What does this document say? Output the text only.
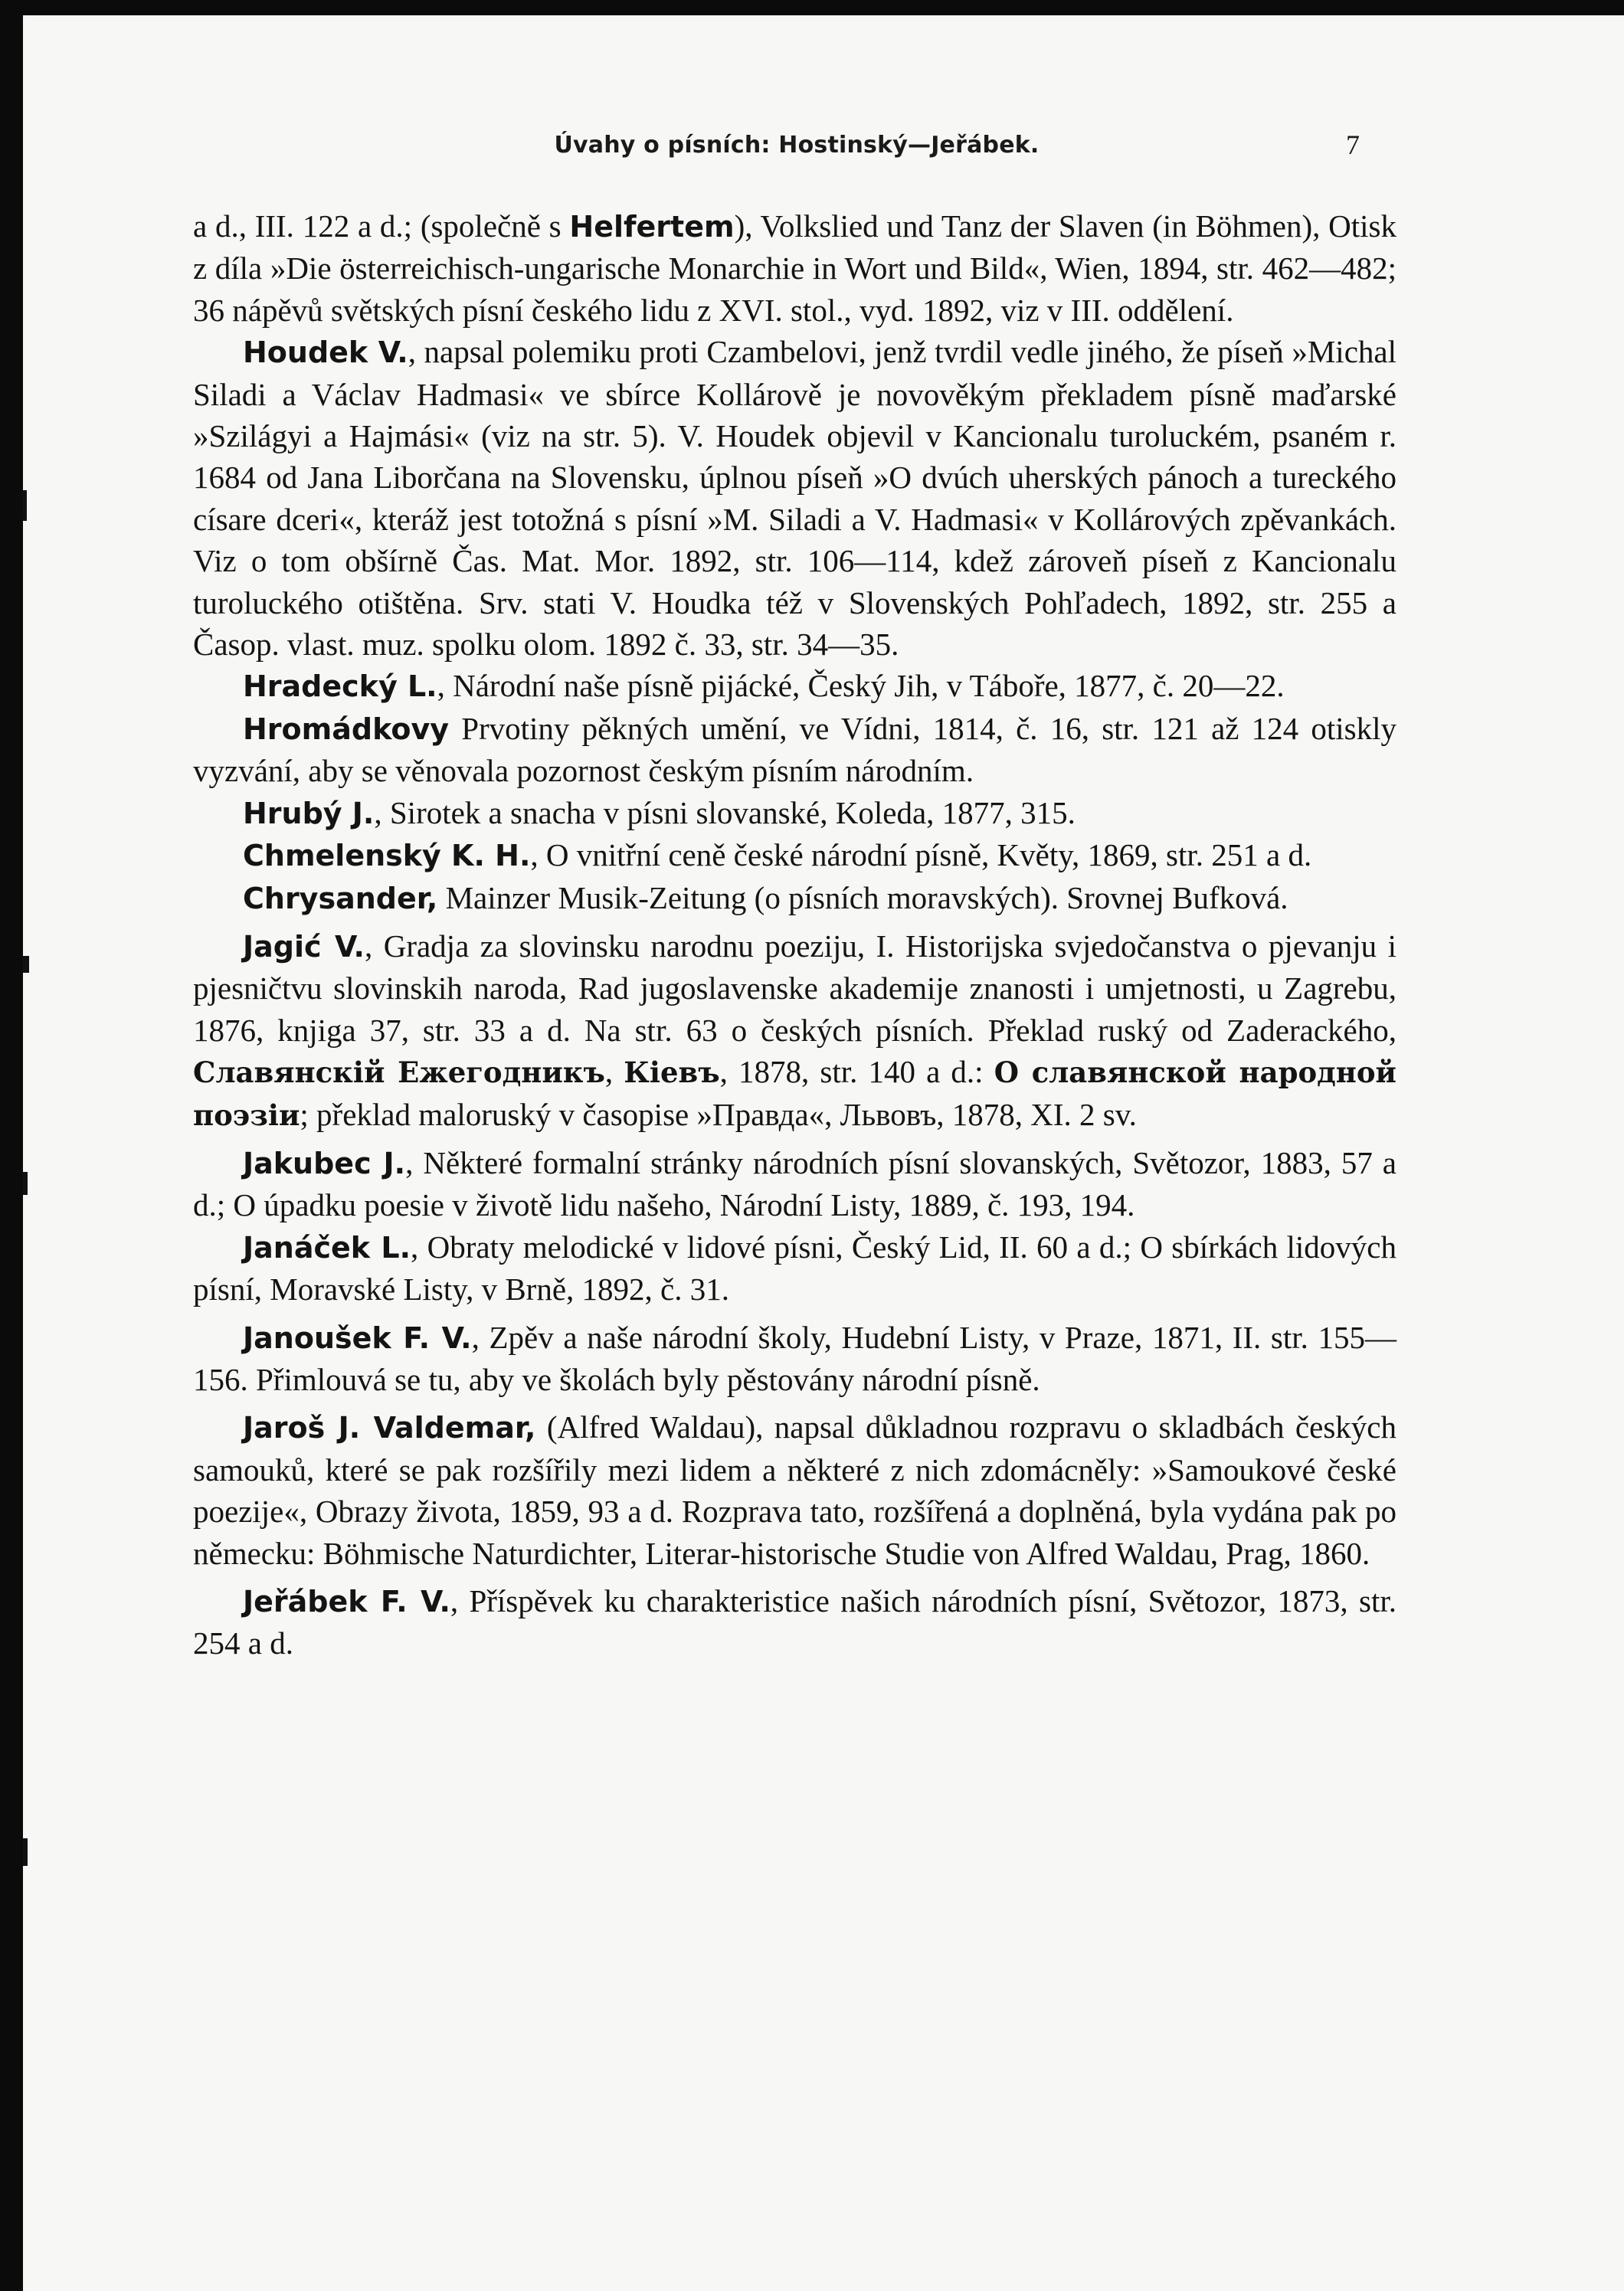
Úvahy o písních: Hostinský—Jeřábek.	7

a d., III. 122 a d.; (společně s Helfertem), Volkslied und Tanz der Slaven (in Böhmen), Otisk z díla »Die österreichisch-ungarische Monarchie in Wort und Bild«, Wien, 1894, str. 462—482; 36 nápěvů světských písní českého lidu z XVI. stol., vyd. 1892, viz v III. oddělení.

Houdek V., napsal polemiku proti Czambelovi, jenž tvrdil vedle jiného, že píseň »Michal Siladi a Václav Hadmasi« ve sbírce Kollárově je novověkým překladem písně maďarské »Szilágyi a Hajmási« (viz na str. 5). V. Houdek objevil v Kancionalu turoluckém, psaném r. 1684 od Jana Liborčana na Slovensku, úplnou píseň »O dvúch uherských pánoch a tureckého císare dceri«, kteráž jest totožná s písní »M. Siladi a V. Hadmasi« v Kollárových zpěvankách. Viz o tom obšírně Čas. Mat. Mor. 1892, str. 106—114, kdež zároveň píseň z Kancionalu turoluckého otištěna. Srv. stati V. Houdka též v Slovenských Pohľadech, 1892, str. 255 a Časop. vlast. muz. spolku olom. 1892 č. 33, str. 34—35.

Hradecký L., Národní naše písně pijácké, Český Jih, v Táboře, 1877, č. 20—22.

Hromádkovy Prvotiny pěkných umění, ve Vídni, 1814, č. 16, str. 121 až 124 otiskly vyzvání, aby se věnovala pozornost českým písním národním.

Hrubý J., Sirotek a snacha v písni slovanské, Koleda, 1877, 315.

Chmelenský K. H., O vnitřní ceně české národní písně, Květy, 1869, str. 251 a d.

Chrysander, Mainzer Musik-Zeitung (o písních moravských). Srovnej Bufková.

Jagić V., Gradja za slovinsku narodnu poeziju, I. Historijska svjedočanstva o pjevanju i pjesničtvu slovinskih naroda, Rad jugoslavenske akademije znanosti i umjetnosti, u Zagrebu, 1876, knjiga 37, str. 33 a d. Na str. 63 o českých písních. Překlad ruský od Zaderackého, Славянскій Ежегодникъ, Кіевъ, 1878, str. 140 a d.: О славянской народной поэзіи; překlad maloruský v časopise »Правда«, Львовъ, 1878, XI. 2 sv.

Jakubec J., Některé formalní stránky národních písní slovanských, Světozor, 1883, 57 a d.; O úpadku poesie v životě lidu našeho, Národní Listy, 1889, č. 193, 194.

Janáček L., Obraty melodické v lidové písni, Český Lid, II. 60 a d.; O sbírkách lidových písní, Moravské Listy, v Brně, 1892, č. 31.

Janoušek F. V., Zpěv a naše národní školy, Hudební Listy, v Praze, 1871, II. str. 155—156. Přimlouvá se tu, aby ve školách byly pěstovány národní písně.

Jaroš J. Valdemar, (Alfred Waldau), napsal důkladnou rozpravu o skladbách českých samouků, které se pak rozšířily mezi lidem a některé z nich zdomácněly: »Samoukové české poezije«, Obrazy života, 1859, 93 a d. Rozprava tato, rozšířená a doplněná, byla vydána pak po německu: Böhmische Naturdichter, Literar-historische Studie von Alfred Waldau, Prag, 1860.

Jeřábek F. V., Příspěvek ku charakteristice našich národních písní, Světozor, 1873, str. 254 a d.
